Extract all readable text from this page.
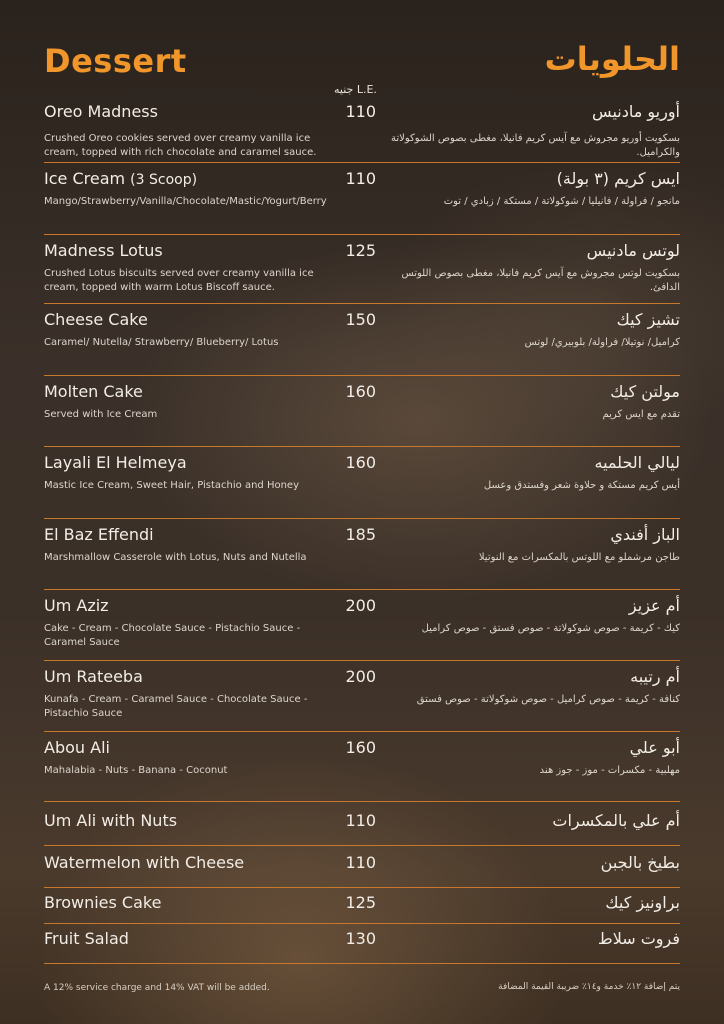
Dessert	الحلويات
جنيه L.E.
Oreo Madness	110	أوريو مادنيس
Crushed Oreo cookies served over creamy vanilla ice cream, topped with rich chocolate and caramel sauce.
بسكويت أوريو مجروش مع آيس كريم فانيلا، مغطى بصوص الشوكولاتة والكراميل.
Ice Cream (3 Scoop)	110	ايس كريم (٣ بولة)
Mango/Strawberry/Vanilla/Chocolate/Mastic/Yogurt/Berry	مانجو / فراولة / فانيليا / شوكولاتة / مستكة / زبادي / توت
Madness Lotus	125	لوتس مادنيس
Crushed Lotus biscuits served over creamy vanilla ice cream, topped with warm Lotus Biscoff sauce.
بسكويت لوتس مجروش مع آيس كريم فانيلا، مغطى بصوص اللوتس الدافئ.
Cheese Cake	150	تشيز كيك
Caramel/ Nutella/ Strawberry/ Blueberry/ Lotus	كراميل/ نوتيلا/ فراولة/ بلوبيري/ لوتس
Molten Cake	160	مولتن كيك
Served with Ice Cream	تقدم مع ايس كريم
Layali El Helmeya	160	ليالي الحلميه
Mastic Ice Cream, Sweet Hair, Pistachio and Honey	أيس كريم مستكة و حلاوة شعر وفستدق وعسل
El Baz Effendi	185	الباز أفندي
Marshmallow Casserole with Lotus, Nuts and Nutella	طاجن مرشملو مع اللوتس بالمكسرات مع النوتيلا
Um Aziz	200	أم عزيز
Cake - Cream - Chocolate Sauce - Pistachio Sauce - Caramel Sauce
كيك - كريمة - صوص شوكولاتة - صوص فستق - صوص كراميل
Um Rateeba	200	أم رتيبه
Kunafa - Cream - Caramel Sauce - Chocolate Sauce - Pistachio Sauce
كنافة - كريمة - صوص كراميل - صوص شوكولاتة - صوص فستق
Abou Ali	160	أبو علي
Mahalabia - Nuts - Banana - Coconut	مهلبية - مكسرات - موز - جوز هند
Um Ali with Nuts	110	أم علي بالمكسرات
Watermelon with Cheese	110	بطيخ بالجبن
Brownies Cake	125	براونيز كيك
Fruit Salad	130	فروت سلاط
A 12% service charge and 14% VAT will be added.	يتم إضافة ١٢٪ خدمة و١٤٪ ضريبة القيمة المضافة
